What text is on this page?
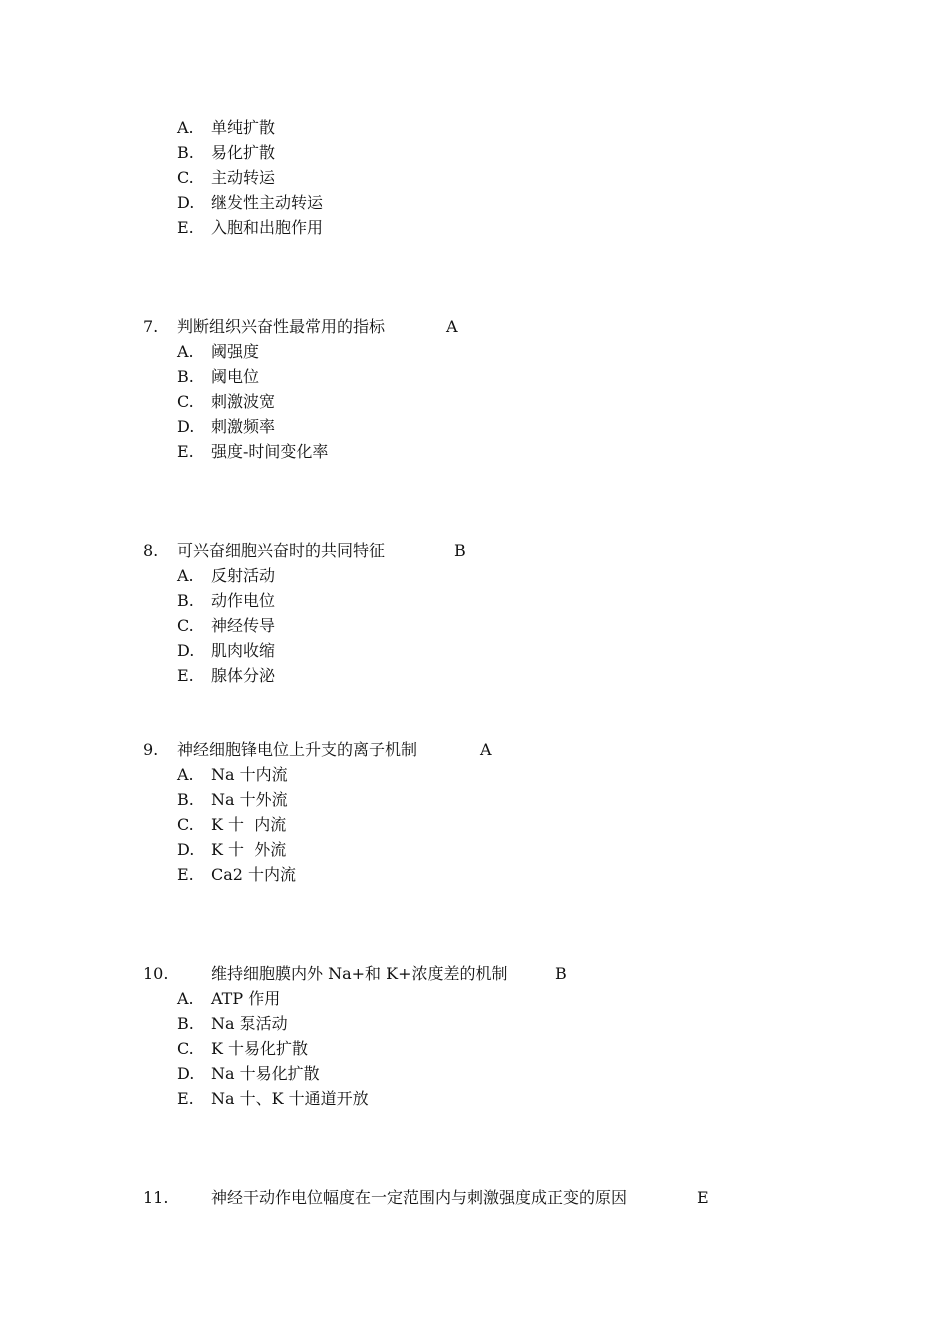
A. 单纯扩散
B. 易化扩散
C. 主动转运
D. 继发性主动转运
E. 入胞和出胞作用
7. 判断组织兴奋性最常用的指标	A
A. 阈强度
B. 阈电位
C. 刺激波宽
D. 刺激频率
E. 强度-时间变化率
8. 可兴奋细胞兴奋时的共同特征	B
A. 反射活动
B. 动作电位
C. 神经传导
D. 肌肉收缩
E. 腺体分泌
9. 神经细胞锋电位上升支的离子机制	A
A. Na 十内流
B. Na 十外流
C. K 十  内流
D. K 十  外流
E. Ca2 十内流
10.	维持细胞膜内外 Na+和 K+浓度差的机制	B
A. ATP 作用
B. Na 泵活动
C. K 十易化扩散
D. Na 十易化扩散
E. Na 十、K 十通道开放
11.	神经干动作电位幅度在一定范围内与刺激强度成正变的原因	E
